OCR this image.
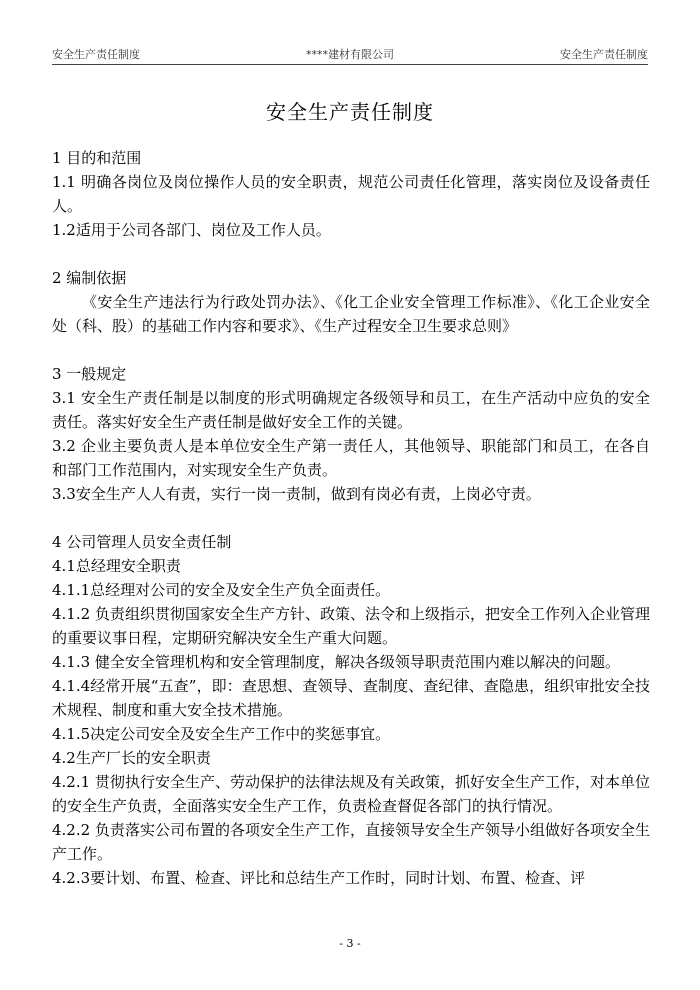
安全生产责任制度	****建材有限公司	安全生产责任制度
安全生产责任制度

1 目的和范围

1.1 明确各岗位及岗位操作人员的安全职责，规范公司责任化管理，落实岗位及设备责任人。

1.2适用于公司各部门、岗位及工作人员。

2 编制依据

《安全生产违法行为行政处罚办法》、《化工企业安全管理工作标准》、《化工企业安全处（科、股）的基础工作内容和要求》、《生产过程安全卫生要求总则》

3 一般规定

3.1 安全生产责任制是以制度的形式明确规定各级领导和员工，在生产活动中应负的安全责任。落实好安全生产责任制是做好安全工作的关键。

3.2 企业主要负责人是本单位安全生产第一责任人，其他领导、职能部门和员工，在各自和部门工作范围内，对实现安全生产负责。

3.3安全生产人人有责，实行一岗一责制，做到有岗必有责，上岗必守责。

4 公司管理人员安全责任制

4.1总经理安全职责

4.1.1总经理对公司的安全及安全生产负全面责任。

4.1.2 负责组织贯彻国家安全生产方针、政策、法令和上级指示，把安全工作列入企业管理的重要议事日程，定期研究解决安全生产重大问题。

4.1.3 健全安全管理机构和安全管理制度，解决各级领导职责范围内难以解决的问题。

4.1.4经常开展“五查”，即：查思想、查领导、查制度、查纪律、查隐患，组织审批安全技术规程、制度和重大安全技术措施。

4.1.5决定公司安全及安全生产工作中的奖惩事宜。

4.2生产厂长的安全职责

4.2.1 贯彻执行安全生产、劳动保护的法律法规及有关政策，抓好安全生产工作，对本单位的安全生产负责，全面落实安全生产工作，负责检查督促各部门的执行情况。

4.2.2 负责落实公司布置的各项安全生产工作，直接领导安全生产领导小组做好各项安全生产工作。

4.2.3要计划、布置、检查、评比和总结生产工作时，同时计划、布置、检查、评

- 3 -
